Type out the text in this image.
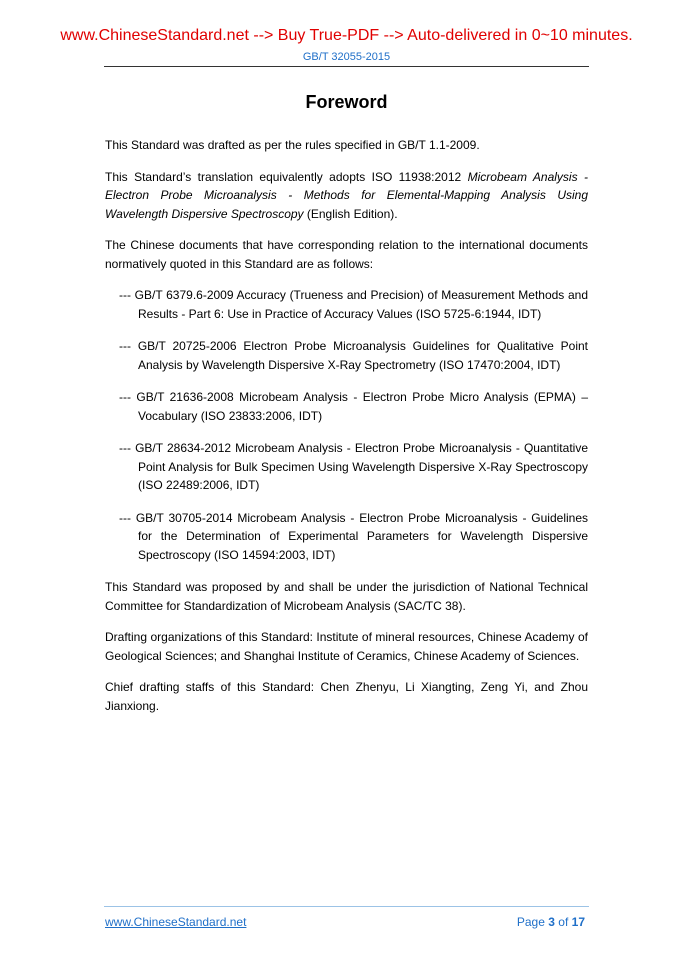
www.ChineseStandard.net --> Buy True-PDF --> Auto-delivered in 0~10 minutes.
GB/T 32055-2015
Foreword

This Standard was drafted as per the rules specified in GB/T 1.1-2009.

This Standard’s translation equivalently adopts ISO 11938:2012 Microbeam Analysis - Electron Probe Microanalysis - Methods for Elemental-Mapping Analysis Using Wavelength Dispersive Spectroscopy (English Edition).

The Chinese documents that have corresponding relation to the international documents normatively quoted in this Standard are as follows:

--- GB/T 6379.6-2009 Accuracy (Trueness and Precision) of Measurement Methods and Results - Part 6: Use in Practice of Accuracy Values (ISO 5725-6:1944, IDT)
--- GB/T 20725-2006 Electron Probe Microanalysis Guidelines for Qualitative Point Analysis by Wavelength Dispersive X-Ray Spectrometry (ISO 17470:2004, IDT)
--- GB/T 21636-2008 Microbeam Analysis - Electron Probe Micro Analysis (EPMA) – Vocabulary (ISO 23833:2006, IDT)
--- GB/T 28634-2012 Microbeam Analysis - Electron Probe Microanalysis - Quantitative Point Analysis for Bulk Specimen Using Wavelength Dispersive X-Ray Spectroscopy (ISO 22489:2006, IDT)
--- GB/T 30705-2014 Microbeam Analysis - Electron Probe Microanalysis - Guidelines for the Determination of Experimental Parameters for Wavelength Dispersive Spectroscopy (ISO 14594:2003, IDT)

This Standard was proposed by and shall be under the jurisdiction of National Technical Committee for Standardization of Microbeam Analysis (SAC/TC 38).

Drafting organizations of this Standard: Institute of mineral resources, Chinese Academy of Geological Sciences; and Shanghai Institute of Ceramics, Chinese Academy of Sciences.

Chief drafting staffs of this Standard: Chen Zhenyu, Li Xiangting, Zeng Yi, and Zhou Jianxiong.

www.ChineseStandard.net	Page 3 of 17
